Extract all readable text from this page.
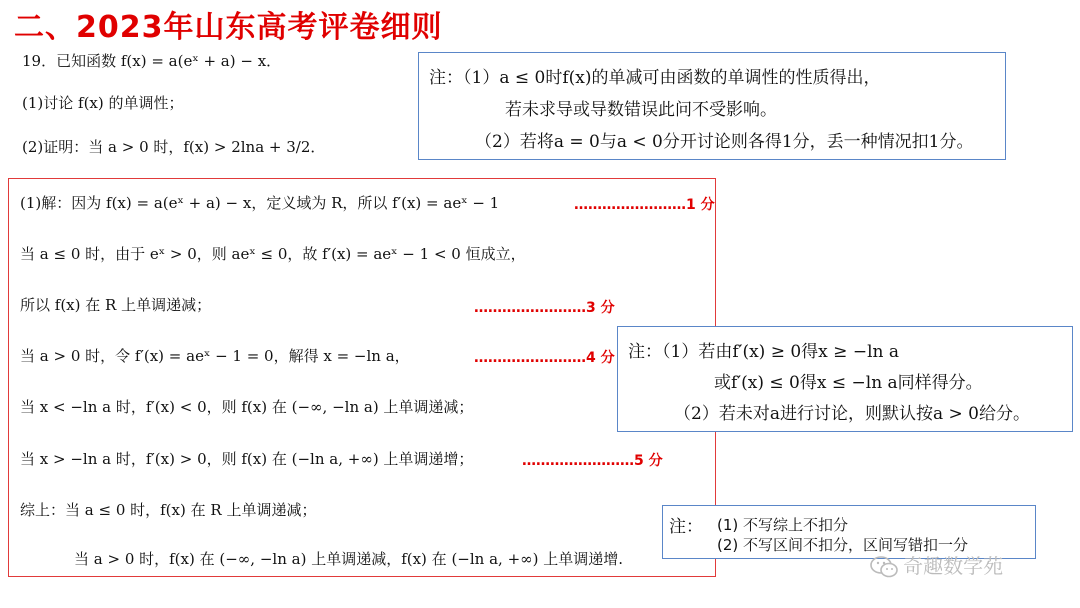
二、2023年山东高考评卷细则
19．已知函数 f(x) = a(eˣ + a) − x．
(1)讨论 f(x) 的单调性；
(2)证明：当 a > 0 时，f(x) > 2lna + 3/2．
注：（1）a ≤ 0时f(x)的单减可由函数的单调性的性质得出，
若未求导或导数错误此问不受影响。
（2）若将a = 0与a < 0分开讨论则各得1分，丢一种情况扣1分。
(1)解：因为 f(x) = a(eˣ + a) − x，定义域为 R，所以 f′(x) = aeˣ − 1	……………………1 分
当 a ≤ 0 时，由于 eˣ > 0，则 aeˣ ≤ 0，故 f′(x) = aeˣ − 1 < 0 恒成立，
所以 f(x) 在 R 上单调递减；	……………………3 分
当 a > 0 时，令 f′(x) = aeˣ − 1 = 0，解得 x = −ln a，	……………………4 分
当 x < −ln a 时，f′(x) < 0，则 f(x) 在 (−∞, −ln a) 上单调递减；
当 x > −ln a 时，f′(x) > 0，则 f(x) 在 (−ln a, +∞) 上单调递增；	……………………5 分
综上：当 a ≤ 0 时，f(x) 在 R 上单调递减；
当 a > 0 时，f(x) 在 (−∞, −ln a) 上单调递减，f(x) 在 (−ln a, +∞) 上单调递增.
注：（1）若由f′(x) ≥ 0得x ≥ −ln a
或f′(x) ≤ 0得x ≤ −ln a同样得分。
（2）若未对a进行讨论，则默认按a > 0给分。
注： (1) 不写综上不扣分
(2) 不写区间不扣分，区间写错扣一分
奇趣数学苑
